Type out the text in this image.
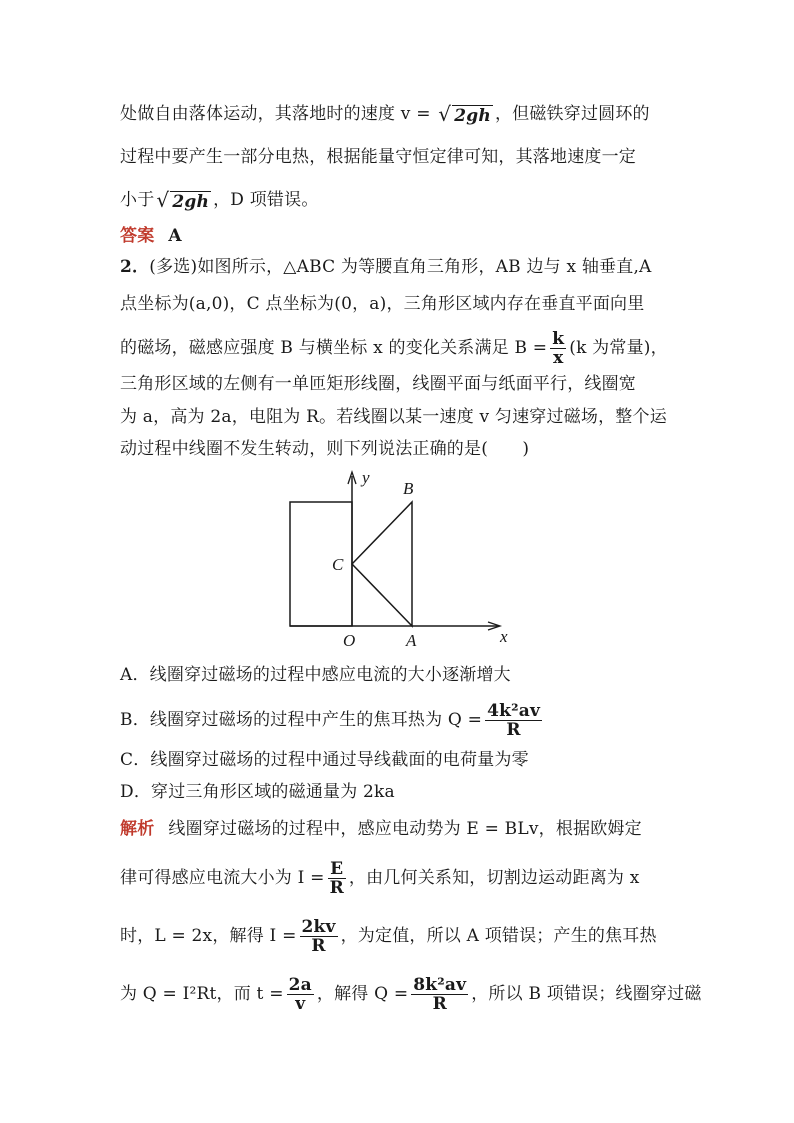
处做自由落体运动，其落地时的速度 v = √ 2gh ，但磁铁穿过圆环的
过程中要产生一部分电热，根据能量守恒定律可知，其落地速度一定
小于 √ 2gh ，D 项错误。
答案 A
2．(多选)如图所示，△ABC 为等腰直角三角形，AB 边与 x 轴垂直,A
点坐标为(a,0)，C 点坐标为(0，a)，三角形区域内存在垂直平面向里
的磁场，磁感应强度 B 与横坐标 x 的变化关系满足 $B = \frac{k}{x} (k$ 为常量)，
三角形区域的左侧有一单匝矩形线圈，线圈平面与纸面平行，线圈宽
为 a，高为 2a，电阻为 R。若线圈以某一速度 v 匀速穿过磁场，整个运
动过程中线圈不发生转动，则下列说法正确的是(　　)
y
B
C
O	A	x
A．线圈穿过磁场的过程中感应电流的大小逐渐增大
B．线圈穿过磁场的过程中产生的焦耳热为 $Q = \frac{\text{4k²av}}{R}$
C．线圈穿过磁场的过程中通过导线截面的电荷量为零
D．穿过三角形区域的磁通量为 2ka
解析 线圈穿过磁场的过程中，感应电动势为 E = BLv，根据欧姆定
律可得感应电流大小为 $I = \frac{E}{R}$ ，由几何关系知，切割边运动距离为 x
时，L = 2x，解得 $I = \frac{2kv}{R}$ ，为定值，所以 A 项错误；产生的焦耳热
为 Q = I²Rt，而 $t = \frac{2a}{v}$ ，解得 $Q = \frac{\text{8k²av}}{R}$ ，所以 B 项错误；线圈穿过磁
